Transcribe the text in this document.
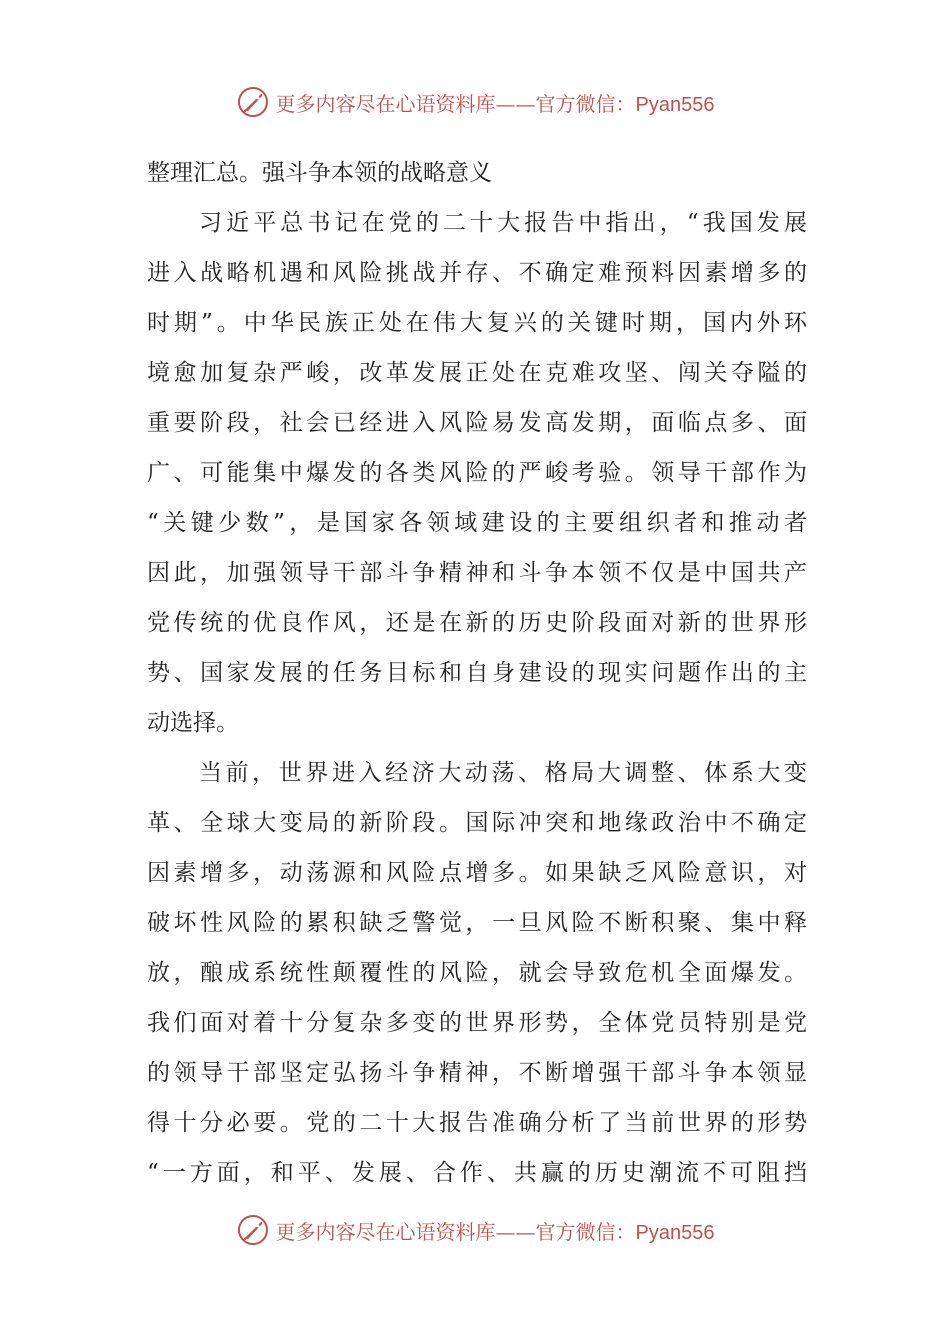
更多内容尽在心语资料库——官方微信：Pyan556
整理汇总。强斗争本领的战略意义
习近平总书记在党的二十大报告中指出，“我国发展
进入战略机遇和风险挑战并存、不确定难预料因素增多的
时期”。中华民族正处在伟大复兴的关键时期，国内外环
境愈加复杂严峻，改革发展正处在克难攻坚、闯关夺隘的
重要阶段，社会已经进入风险易发高发期，面临点多、面
广、可能集中爆发的各类风险的严峻考验。领导干部作为
“关键少数”，是国家各领域建设的主要组织者和推动者
因此，加强领导干部斗争精神和斗争本领不仅是中国共产
党传统的优良作风，还是在新的历史阶段面对新的世界形
势、国家发展的任务目标和自身建设的现实问题作出的主
动选择。
当前，世界进入经济大动荡、格局大调整、体系大变
革、全球大变局的新阶段。国际冲突和地缘政治中不确定
因素增多，动荡源和风险点增多。如果缺乏风险意识，对
破坏性风险的累积缺乏警觉，一旦风险不断积聚、集中释
放，酿成系统性颠覆性的风险，就会导致危机全面爆发。
我们面对着十分复杂多变的世界形势，全体党员特别是党
的领导干部坚定弘扬斗争精神，不断增强干部斗争本领显
得十分必要。党的二十大报告准确分析了当前世界的形势
“一方面，和平、发展、合作、共赢的历史潮流不可阻挡
更多内容尽在心语资料库——官方微信：Pyan556
